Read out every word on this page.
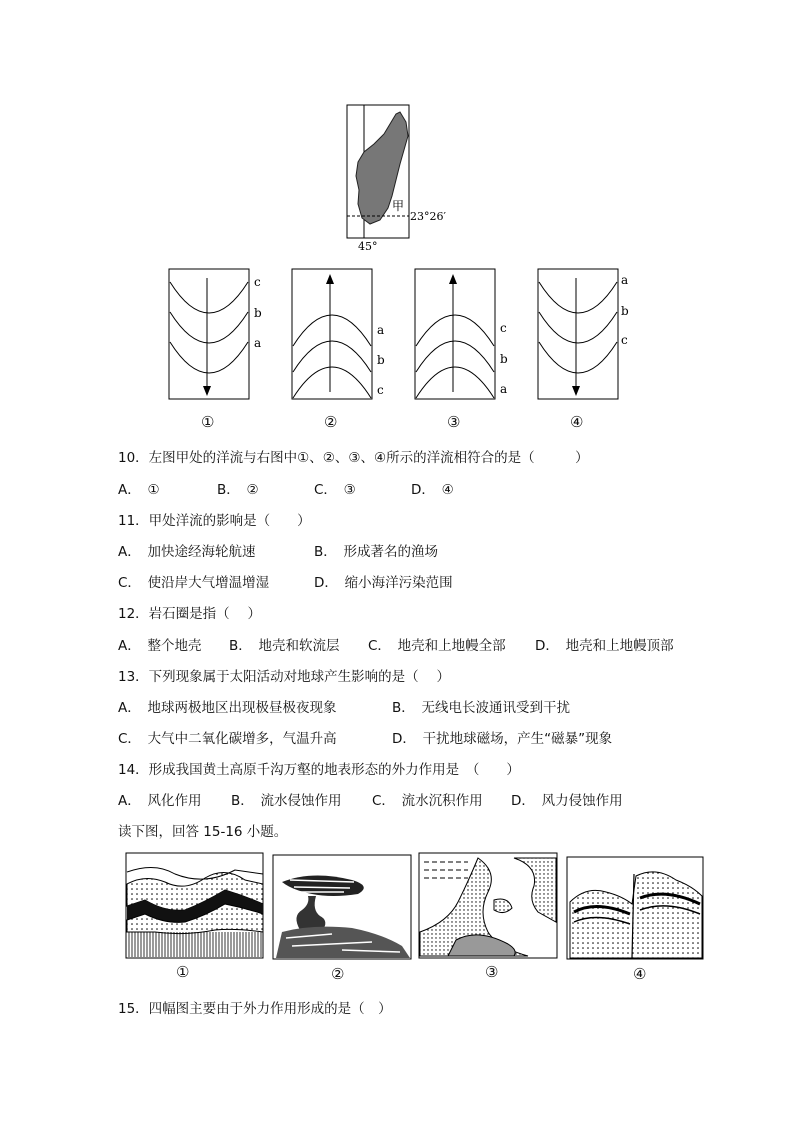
甲
23°26′
45°
c
b
a
a
b
c
c
b
a
a
b
c
①	②	③	④
10．左图甲处的洋流与右图中①、②、③、④所示的洋流相符合的是（　　　）
A．　①	B．　②	C．　③	D．　④
11．甲处洋流的影响是（　　）
A．　加快途经海轮航速	B．　形成著名的渔场
C．　使沿岸大气增温增湿	D．　缩小海洋污染范围
12．岩石圈是指（　 ）
A．　整个地壳 B．　地壳和软流层 C．　地壳和上地幔全部 D．　地壳和上地幔顶部
13．下列现象属于太阳活动对地球产生影响的是（　 ）
A．　地球两极地区出现极昼极夜现象	B．　无线电长波通讯受到干扰
C．　大气中二氧化碳增多，气温升高	D．　干扰地球磁场，产生“磁暴”现象
14．形成我国黄土高原千沟万壑的地表形态的外力作用是　（　　）
A．　风化作用 B．　流水侵蚀作用 C．　流水沉积作用 D．　风力侵蚀作用
读下图，回答 15-16 小题。
①	②	③	④
15．四幅图主要由于外力作用形成的是（　）
